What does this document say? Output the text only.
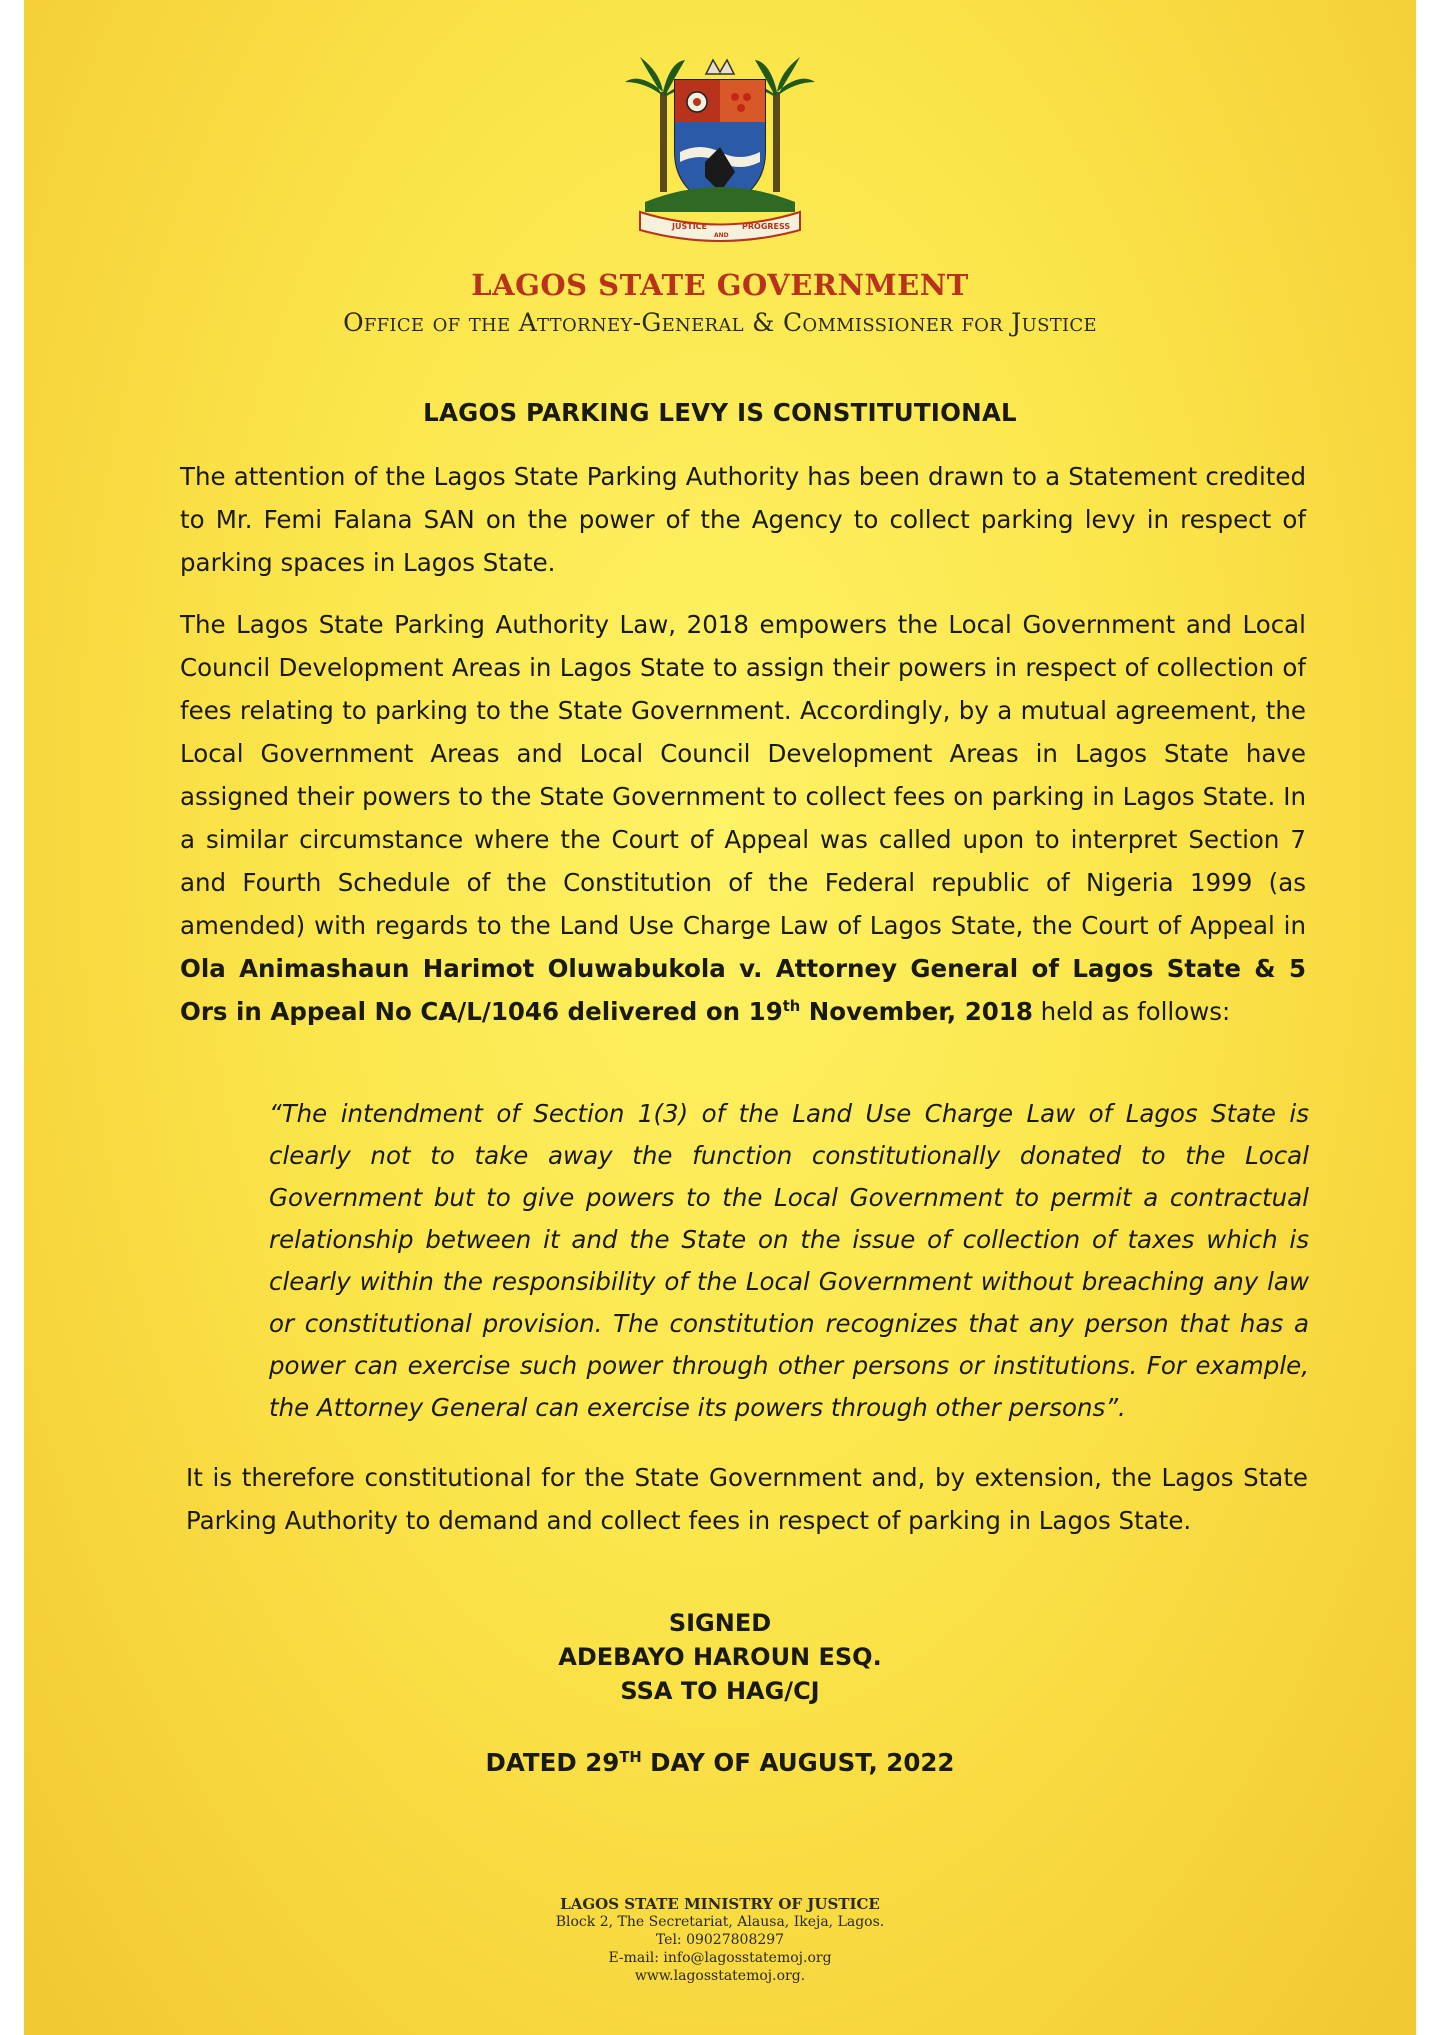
JUSTICE
AND
PROGRESS
LAGOS STATE GOVERNMENT
Office of the Attorney-General & Commissioner for Justice
LAGOS PARKING LEVY IS CONSTITUTIONAL
The attention of the Lagos State Parking Authority has been drawn to a Statement credited to Mr. Femi Falana SAN on the power of the Agency to collect parking levy in respect of parking spaces in Lagos State.
The Lagos State Parking Authority Law, 2018 empowers the Local Government and Local Council Development Areas in Lagos State to assign their powers in respect of collection of fees relating to parking to the State Government. Accordingly, by a mutual agreement, the Local Government Areas and Local Council Development Areas in Lagos State have assigned their powers to the State Government to collect fees on parking in Lagos State. In a similar circumstance where the Court of Appeal was called upon to interpret Section 7 and Fourth Schedule of the Constitution of the Federal republic of Nigeria 1999 (as amended) with regards to the Land Use Charge Law of Lagos State, the Court of Appeal in Ola Animashaun Harimot Oluwabukola v. Attorney General of Lagos State & 5 Ors in Appeal No CA/L/1046 delivered on 19th November, 2018 held as follows:
“The intendment of Section 1(3) of the Land Use Charge Law of Lagos State is clearly not to take away the function constitutionally donated to the Local Government but to give powers to the Local Government to permit a contractual relationship between it and the State on the issue of collection of taxes which is clearly within the responsibility of the Local Government without breaching any law or constitutional provision. The constitution recognizes that any person that has a power can exercise such power through other persons or institutions. For example, the Attorney General can exercise its powers through other persons”.
It is therefore constitutional for the State Government and, by extension, the Lagos State Parking Authority to demand and collect fees in respect of parking in Lagos State.
SIGNED
ADEBAYO HAROUN ESQ.
SSA TO HAG/CJ
DATED 29TH DAY OF AUGUST, 2022
LAGOS STATE MINISTRY OF JUSTICE
Block 2, The Secretariat, Alausa, Ikeja, Lagos.
Tel: 09027808297
E-mail: info@lagosstatemoj.org
www.lagosstatemoj.org.
